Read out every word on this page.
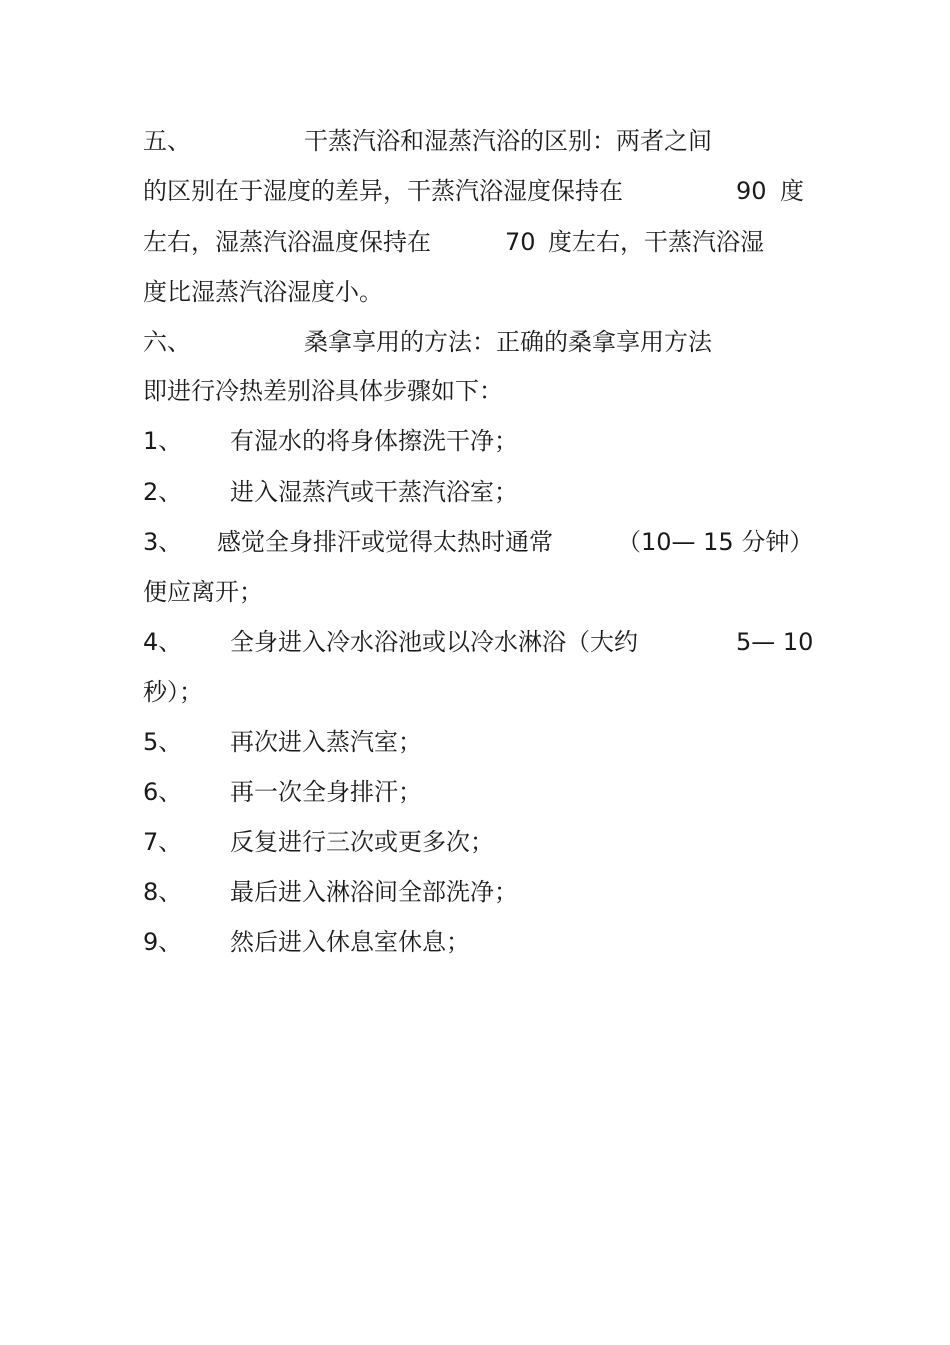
五、	干蒸汽浴和湿蒸汽浴的区别：两者之间
的区别在于湿度的差异，干蒸汽浴湿度保持在	90 度
左右，湿蒸汽浴温度保持在	70 度左右，干蒸汽浴湿
度比湿蒸汽浴湿度小。
六、	桑拿享用的方法：正确的桑拿享用方法
即进行冷热差别浴具体步骤如下：
1、 有湿水的将身体擦洗干净；
2、 进入湿蒸汽或干蒸汽浴室；
3、 感觉全身排汗或觉得太热时通常	（10— 15 分钟）
便应离开；
4、 全身进入冷水浴池或以冷水淋浴（大约	5— 10
秒）；
5、 再次进入蒸汽室；
6、 再一次全身排汗；
7、 反复进行三次或更多次；
8、 最后进入淋浴间全部洗净；
9、 然后进入休息室休息；
